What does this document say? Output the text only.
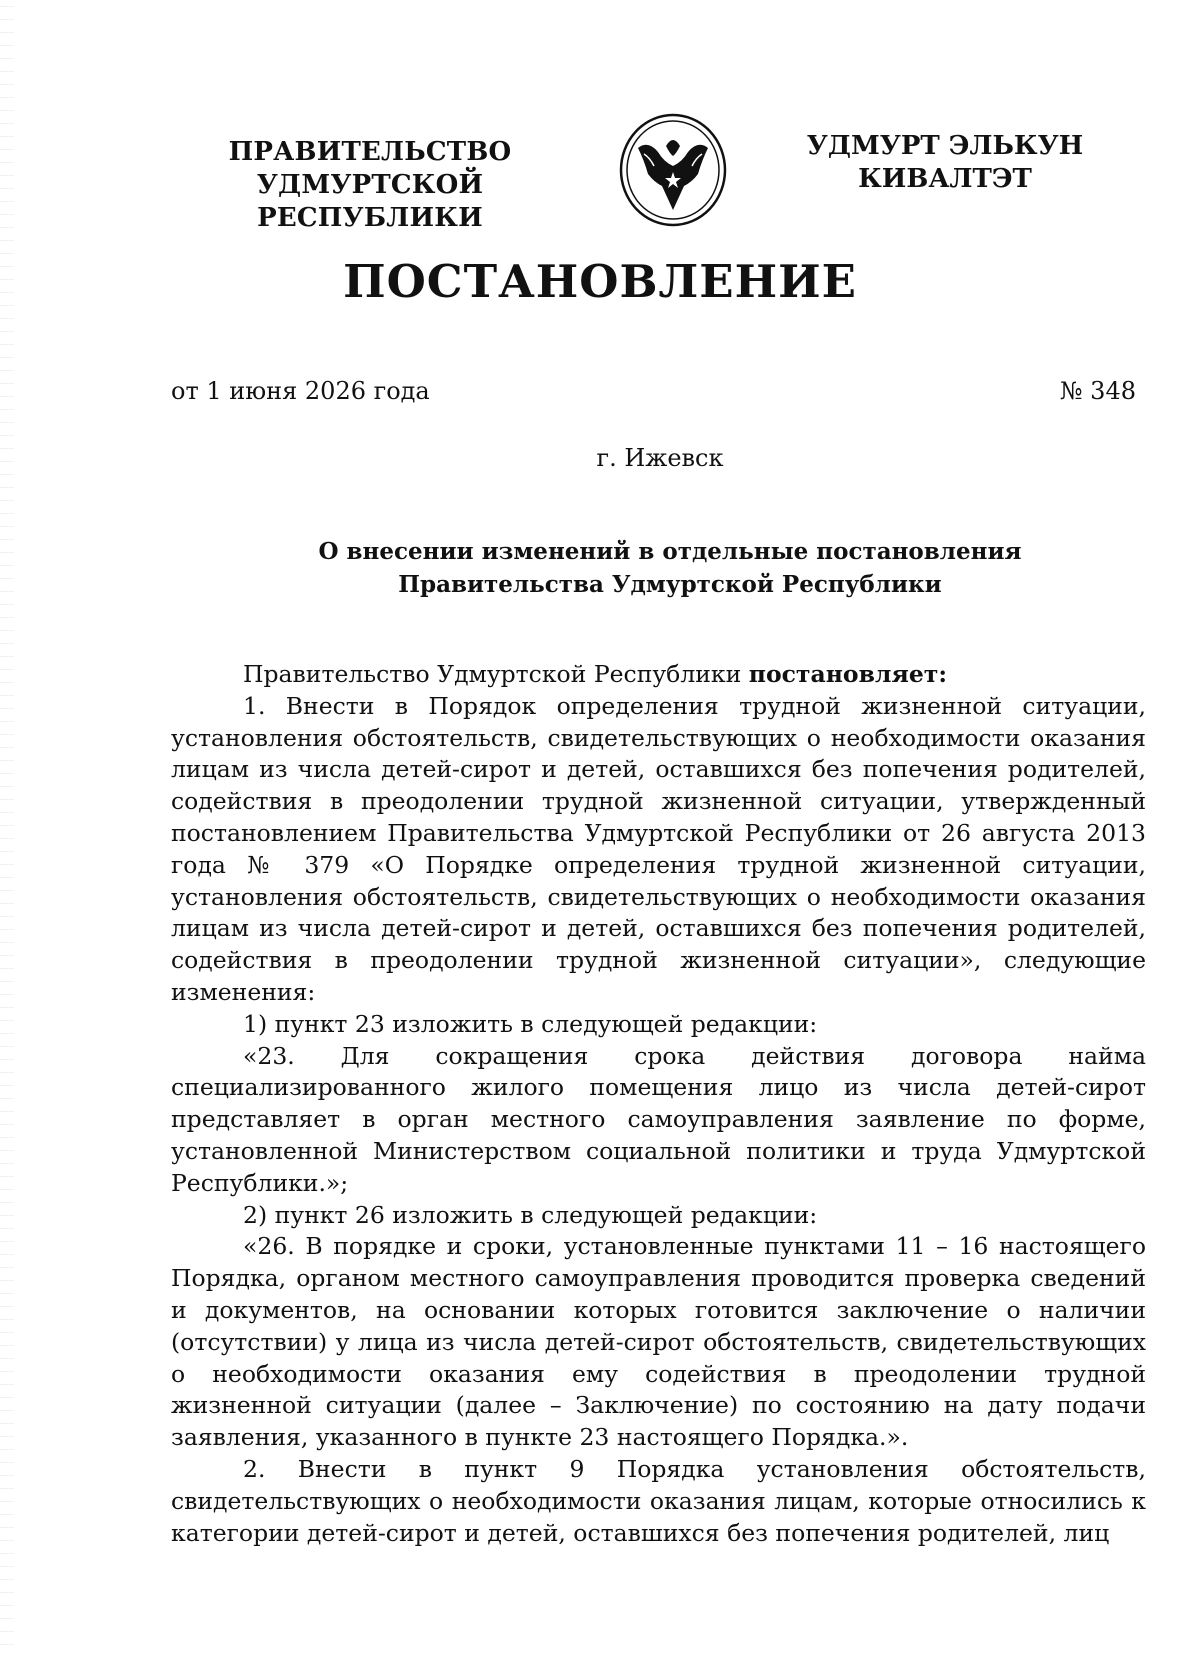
ПРАВИТЕЛЬСТВО
УДМУРТСКОЙ РЕСПУБЛИКИ
УДМУРТ ЭЛЬКУН
КИВАЛТЭТ
ПОСТАНОВЛЕНИЕ
от 1 июня 2026 года	№ 348
г. Ижевск
О внесении изменений в отдельные постановления
Правительства Удмуртской Республики

Правительство Удмуртской Республики постановляет:

1. Внести в Порядок определения трудной жизненной ситуации, установления обстоятельств, свидетельствующих о необходимости оказания лицам из числа детей-сирот и детей, оставшихся без попечения родителей, содействия в преодолении трудной жизненной ситуации, утвержденный постановлением Правительства Удмуртской Республики от 26 августа 2013 года № 379 «О Порядке определения трудной жизненной ситуации, установления обстоятельств, свидетельствующих о необходимости оказания лицам из числа детей-сирот и детей, оставшихся без попечения родителей, содействия в преодолении трудной жизненной ситуации», следующие изменения:

1) пункт 23 изложить в следующей редакции:

«23. Для сокращения срока действия договора найма специализированного жилого помещения лицо из числа детей-сирот представляет в орган местного самоуправления заявление по форме, установленной Министерством социальной политики и труда Удмуртской Республики.»;

2) пункт 26 изложить в следующей редакции:

«26. В порядке и сроки, установленные пунктами 11 – 16 настоящего Порядка, органом местного самоуправления проводится проверка сведений и документов, на основании которых готовится заключение о наличии (отсутствии) у лица из числа детей-сирот обстоятельств, свидетельствующих о необходимости оказания ему содействия в преодолении трудной жизненной ситуации (далее – Заключение) по состоянию на дату подачи заявления, указанного в пункте 23 настоящего Порядка.».

2. Внести в пункт 9 Порядка установления обстоятельств, свидетельствующих о необходимости оказания лицам, которые относились к категории детей-сирот и детей, оставшихся без попечения родителей, лиц
